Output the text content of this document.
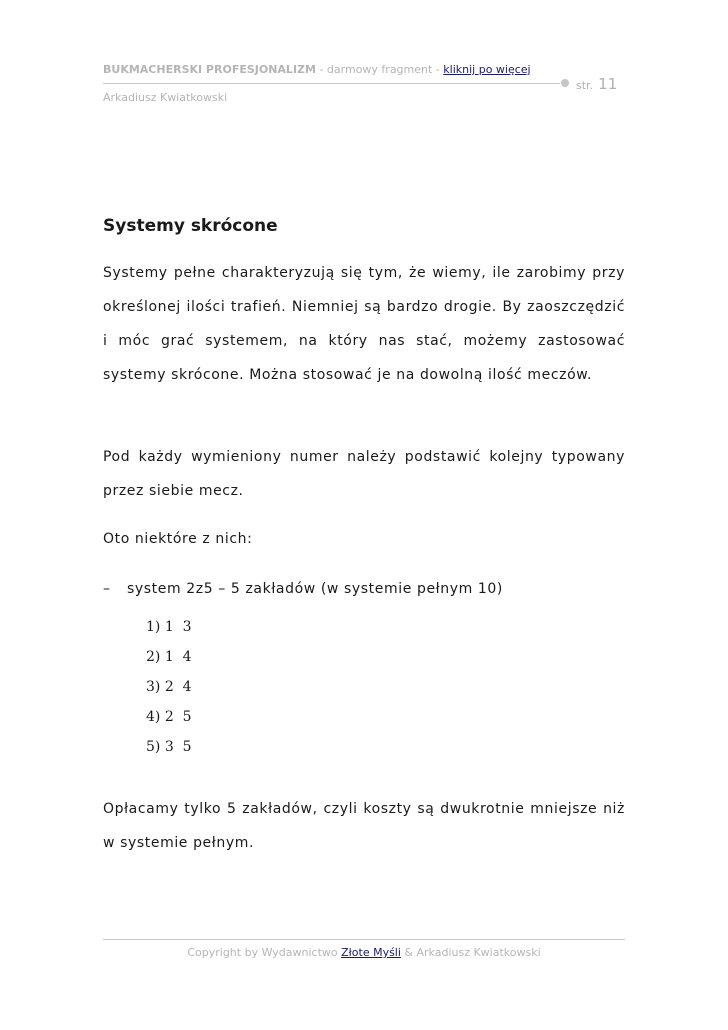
BUKMACHERSKI PROFESJONALIZM - darmowy fragment - kliknij po więcej
str. 11
Arkadiusz Kwiatkowski
Systemy skrócone

Systemy pełne charakteryzują się tym, że wiemy, ile zarobimy przy określonej ilości trafień. Niemniej są bardzo drogie. By zaoszczędzić i móc grać systemem, na który nas stać, możemy zastosować systemy skrócone. Można stosować je na dowolną ilość meczów.

Pod każdy wymieniony numer należy podstawić kolejny typowany przez siebie mecz.

Oto niektóre z nich:

– system 2z5 – 5 zakładów (w systemie pełnym 10)
1) 1 3
2) 1 4
3) 2 4
4) 2 5
5) 3 5

Opłacamy tylko 5 zakładów, czyli koszty są dwukrotnie mniejsze niż w systemie pełnym.

Copyright by Wydawnictwo Złote Myśli & Arkadiusz Kwiatkowski
